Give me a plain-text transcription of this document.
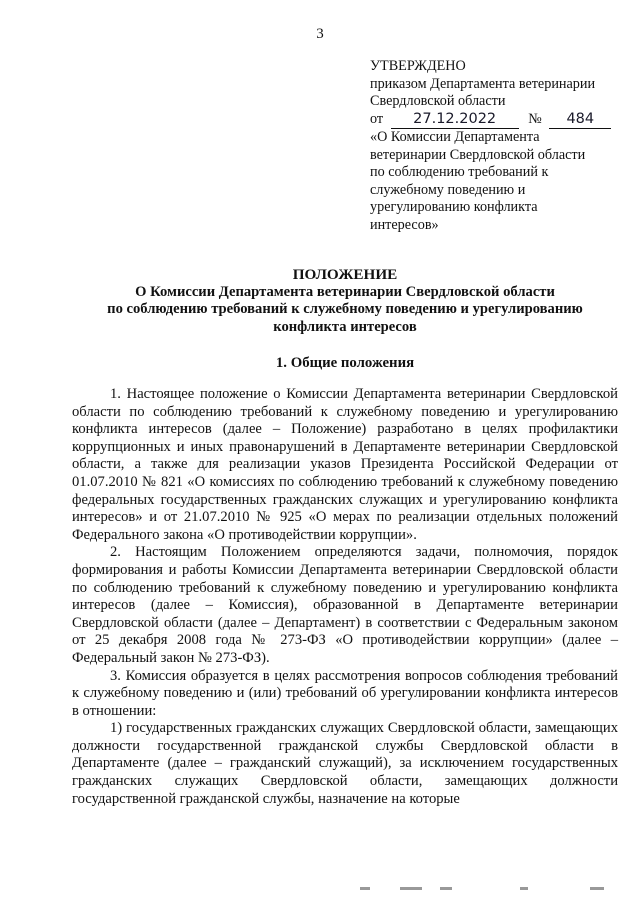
3
УТВЕРЖДЕНО
приказом Департамента ветеринарии
Свердловской области
от 27.12.2022 № 484
«О Комиссии Департамента
ветеринарии Свердловской области
по соблюдению требований к
служебному поведению и
урегулированию конфликта
интересов»
ПОЛОЖЕНИЕ
О Комиссии Департамента ветеринарии Свердловской области
по соблюдению требований к служебному поведению и урегулированию
конфликта интересов
1. Общие положения

1. Настоящее положение о Комиссии Департамента ветеринарии Свердловской области по соблюдению требований к служебному поведению и урегулированию конфликта интересов (далее – Положение) разработано в целях профилактики коррупционных и иных правонарушений в Департаменте ветеринарии Свердловской области, а также для реализации указов Президента Российской Федерации от 01.07.2010 № 821 «О комиссиях по соблюдению требований к служебному поведению федеральных государственных гражданских служащих и урегулированию конфликта интересов» и от 21.07.2010 № 925 «О мерах по реализации отдельных положений Федерального закона «О противодействии коррупции».

2. Настоящим Положением определяются задачи, полномочия, порядок формирования и работы Комиссии Департамента ветеринарии Свердловской области по соблюдению требований к служебному поведению и урегулированию конфликта интересов (далее – Комиссия), образованной в Департаменте ветеринарии Свердловской области (далее – Департамент) в соответствии с Федеральным законом от 25 декабря 2008 года № 273-ФЗ «О противодействии коррупции» (далее – Федеральный закон № 273-ФЗ).

3. Комиссия образуется в целях рассмотрения вопросов соблюдения требований к служебному поведению и (или) требований об урегулировании конфликта интересов в отношении:

1) государственных гражданских служащих Свердловской области, замещающих должности государственной гражданской службы Свердловской области в Департаменте (далее – гражданский служащий), за исключением государственных гражданских служащих Свердловской области, замещающих должности государственной гражданской службы, назначение на которые
